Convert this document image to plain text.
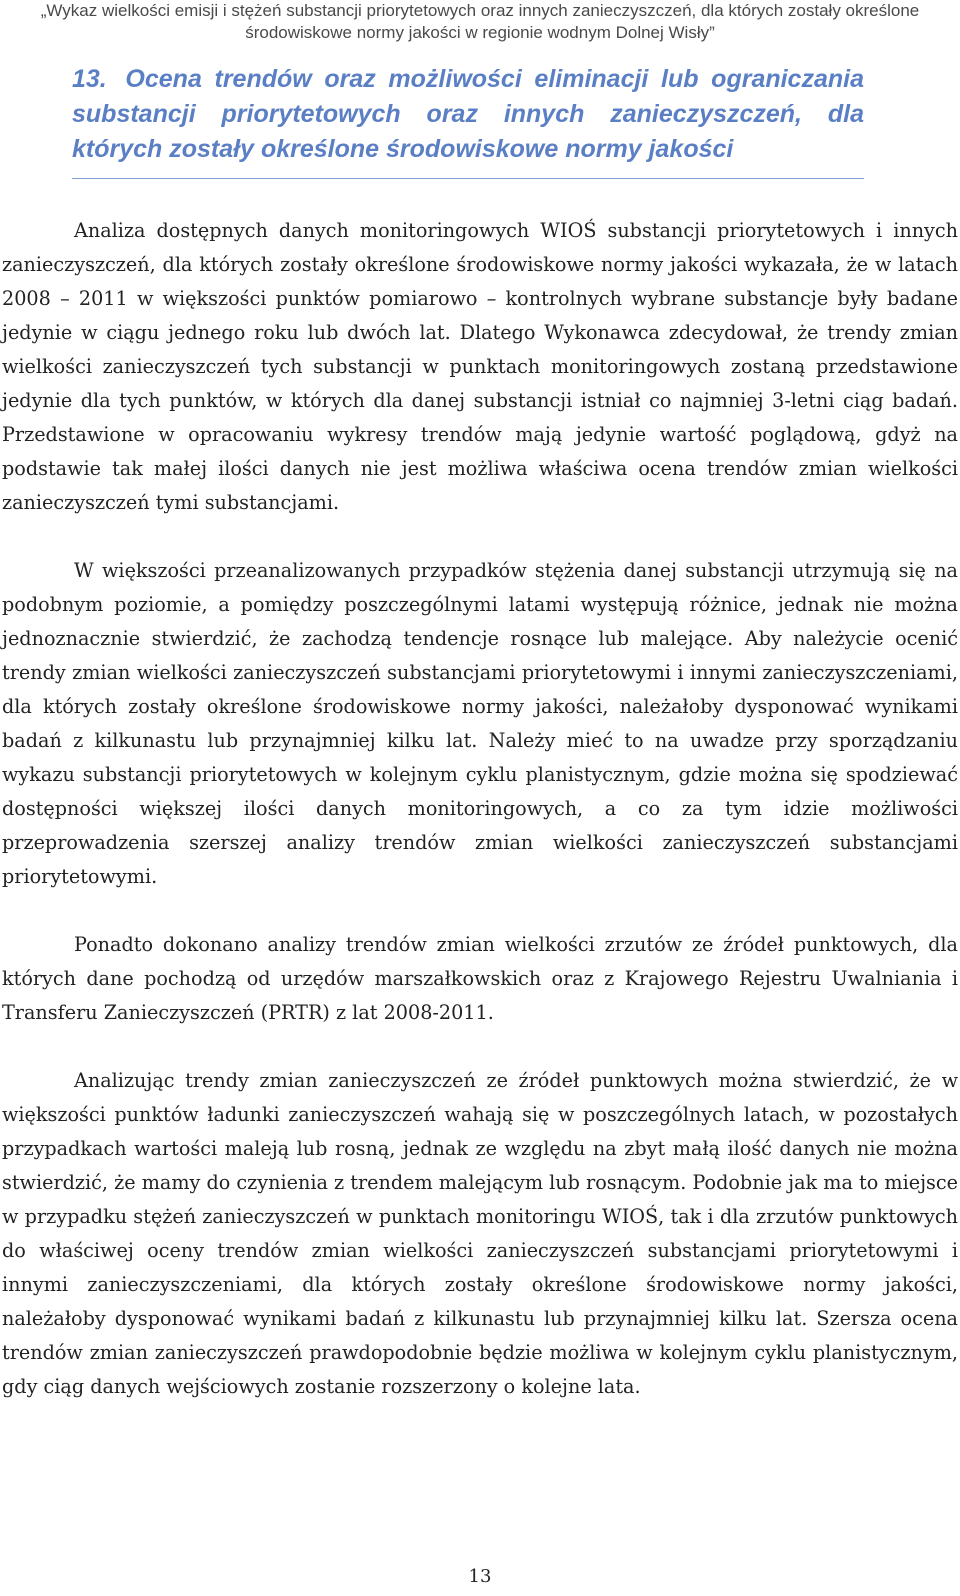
„Wykaz wielkości emisji i stężeń substancji priorytetowych oraz innych zanieczyszczeń, dla których zostały określone
środowiskowe normy jakości w regionie wodnym Dolnej Wisły”
13. Ocena trendów oraz możliwości eliminacji lub ograniczania substancji priorytetowych oraz innych zanieczyszczeń, dla których zostały określone środowiskowe normy jakości

Analiza dostępnych danych monitoringowych WIOŚ substancji priorytetowych i innych zanieczyszczeń, dla których zostały określone środowiskowe normy jakości wykazała, że w latach 2008 – 2011 w większości punktów pomiarowo – kontrolnych wybrane substancje były badane jedynie w ciągu jednego roku lub dwóch lat. Dlatego Wykonawca zdecydował, że trendy zmian wielkości zanieczyszczeń tych substancji w punktach monitoringowych zostaną przedstawione jedynie dla tych punktów, w których dla danej substancji istniał co najmniej 3-letni ciąg badań. Przedstawione w opracowaniu wykresy trendów mają jedynie wartość poglądową, gdyż na podstawie tak małej ilości danych nie jest możliwa właściwa ocena trendów zmian wielkości zanieczyszczeń tymi substancjami.

W większości przeanalizowanych przypadków stężenia danej substancji utrzymują się na podobnym poziomie, a pomiędzy poszczególnymi latami występują różnice, jednak nie można jednoznacznie stwierdzić, że zachodzą tendencje rosnące lub malejące. Aby należycie ocenić trendy zmian wielkości zanieczyszczeń substancjami priorytetowymi i innymi zanieczyszczeniami, dla których zostały określone środowiskowe normy jakości, należałoby dysponować wynikami badań z kilkunastu lub przynajmniej kilku lat. Należy mieć to na uwadze przy sporządzaniu wykazu substancji priorytetowych w kolejnym cyklu planistycznym, gdzie można się spodziewać dostępności większej ilości danych monitoringowych, a co za tym idzie możliwości przeprowadzenia szerszej analizy trendów zmian wielkości zanieczyszczeń substancjami priorytetowymi.

Ponadto dokonano analizy trendów zmian wielkości zrzutów ze źródeł punktowych, dla których dane pochodzą od urzędów marszałkowskich oraz z Krajowego Rejestru Uwalniania i Transferu Zanieczyszczeń (PRTR) z lat 2008-2011.

Analizując trendy zmian zanieczyszczeń ze źródeł punktowych można stwierdzić, że w większości punktów ładunki zanieczyszczeń wahają się w poszczególnych latach, w pozostałych przypadkach wartości maleją lub rosną, jednak ze względu na zbyt małą ilość danych nie można stwierdzić, że mamy do czynienia z trendem malejącym lub rosnącym. Podobnie jak ma to miejsce w przypadku stężeń zanieczyszczeń w punktach monitoringu WIOŚ, tak i dla zrzutów punktowych do właściwej oceny trendów zmian wielkości zanieczyszczeń substancjami priorytetowymi i innymi zanieczyszczeniami, dla których zostały określone środowiskowe normy jakości, należałoby dysponować wynikami badań z kilkunastu lub przynajmniej kilku lat. Szersza ocena trendów zmian zanieczyszczeń prawdopodobnie będzie możliwa w kolejnym cyklu planistycznym, gdy ciąg danych wejściowych zostanie rozszerzony o kolejne lata.

13
